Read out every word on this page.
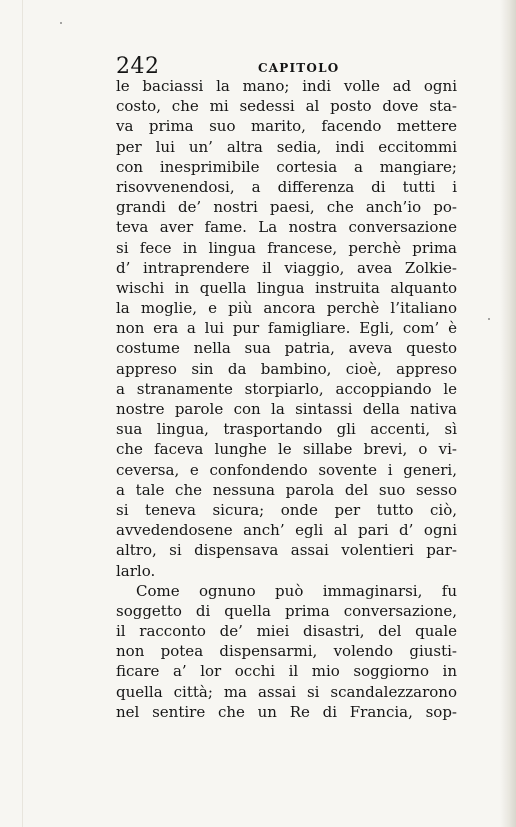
242	CAPITOLO
le baciassi la mano; indi volle ad ogni
costo, che mi sedessi al posto dove sta-
va prima suo marito, facendo mettere
per lui un’ altra sedia, indi eccitommi
con inesprimibile cortesia a mangiare;
risovvenendosi, a differenza di tutti i
grandi de’ nostri paesi, che anch’io po-
teva aver fame. La nostra conversazione
si fece in lingua francese, perchè prima
d’ intraprendere il viaggio, avea Zolkie-
wischi in quella lingua instruita alquanto
la moglie, e più ancora perchè l’italiano
non era a lui pur famigliare. Egli, com’ è
costume nella sua patria, aveva questo
appreso sin da bambino, cioè, appreso
a stranamente storpiarlo, accoppiando le
nostre parole con la sintassi della nativa
sua lingua, trasportando gli accenti, sì
che faceva lunghe le sillabe brevi, o vi-
ceversa, e confondendo sovente i generi,
a tale che nessuna parola del suo sesso
si teneva sicura; onde per tutto ciò,
avvedendosene anch’ egli al pari d’ ogni
altro, si dispensava assai volentieri par-
larlo.
Come ognuno può immaginarsi, fu
soggetto di quella prima conversazione,
il racconto de’ miei disastri, del quale
non potea dispensarmi, volendo giusti-
ficare a’ lor occhi il mio soggiorno in
quella città; ma assai si scandalezzarono
nel sentire che un Re di Francia, sop-
